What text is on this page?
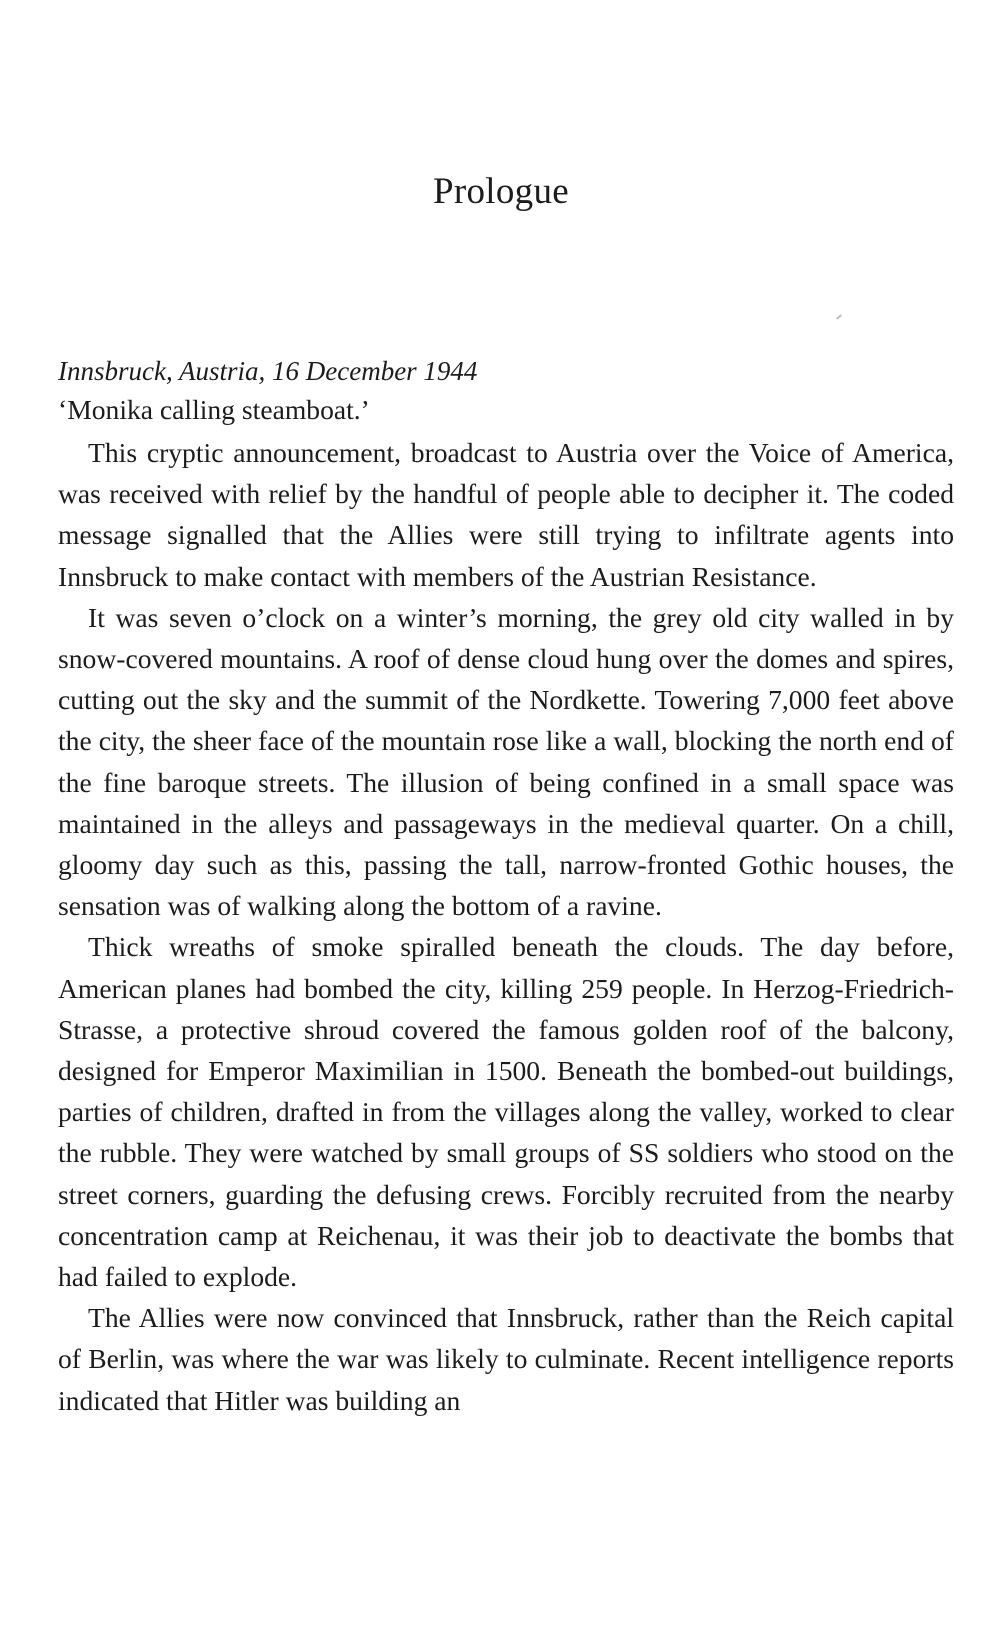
Prologue

Innsbruck, Austria, 16 December 1944

‘Monika calling steamboat.’

This cryptic announcement, broadcast to Austria over the Voice of America, was received with relief by the handful of people able to decipher it. The coded message signalled that the Allies were still trying to infiltrate agents into Innsbruck to make contact with members of the Austrian Resistance.

It was seven o’clock on a winter’s morning, the grey old city walled in by snow-covered mountains. A roof of dense cloud hung over the domes and spires, cutting out the sky and the summit of the Nordkette. Towering 7,000 feet above the city, the sheer face of the mountain rose like a wall, blocking the north end of the fine baroque streets. The illusion of being confined in a small space was maintained in the alleys and passageways in the medieval quarter. On a chill, gloomy day such as this, passing the tall, narrow-fronted Gothic houses, the sensation was of walking along the bottom of a ravine.

Thick wreaths of smoke spiralled beneath the clouds. The day before, American planes had bombed the city, killing 259 people. In Herzog-Friedrich-Strasse, a protective shroud covered the famous golden roof of the balcony, designed for Emperor Maximilian in 1500. Beneath the bombed-out buildings, parties of children, drafted in from the villages along the valley, worked to clear the rubble. They were watched by small groups of SS soldiers who stood on the street corners, guarding the defusing crews. Forcibly recruited from the nearby concentration camp at Reichenau, it was their job to deactivate the bombs that had failed to explode.

The Allies were now convinced that Innsbruck, rather than the Reich capital of Berlin, was where the war was likely to culminate. Recent intelligence reports indicated that Hitler was building an
